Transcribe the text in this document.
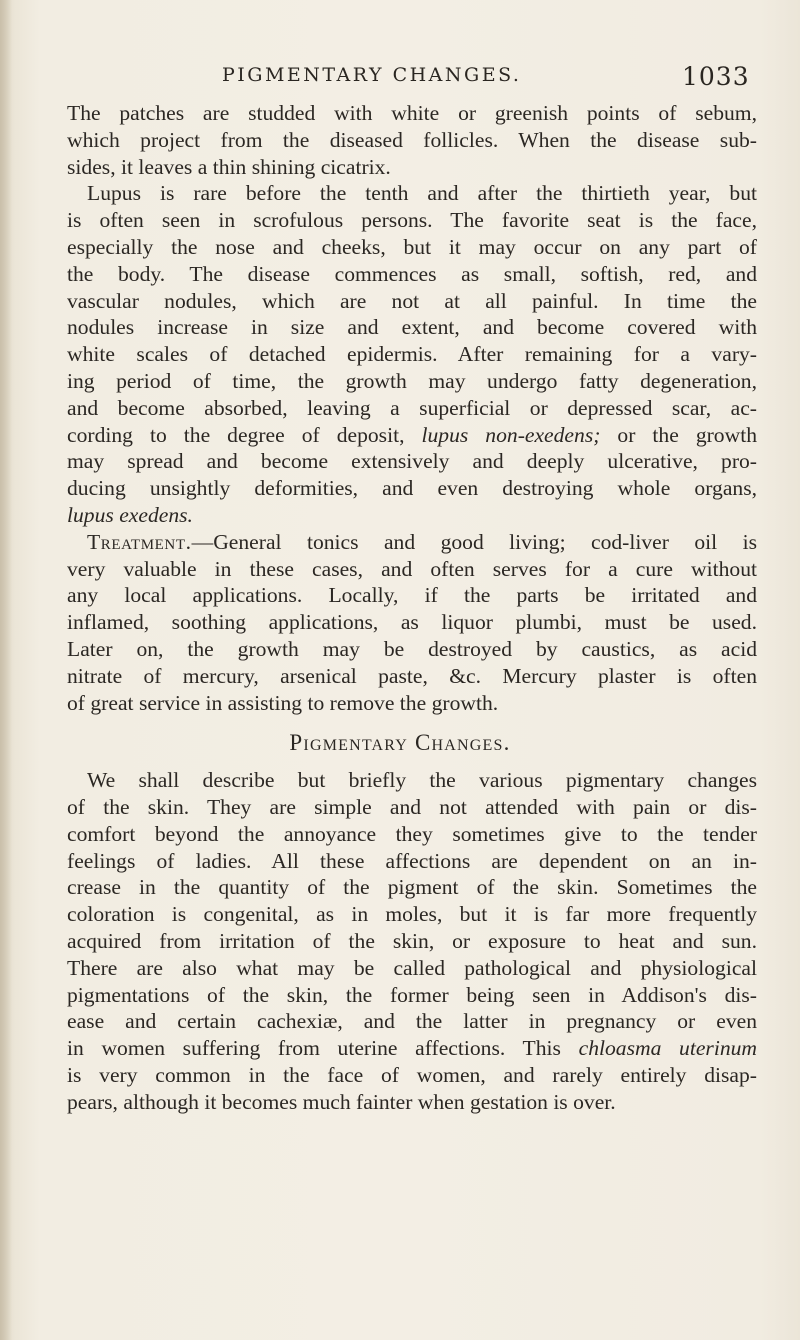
PIGMENTARY CHANGES.	1033
The patches are studded with white or greenish points of sebum,
which project from the diseased follicles. When the disease sub-
sides, it leaves a thin shining cicatrix.
Lupus is rare before the tenth and after the thirtieth year, but
is often seen in scrofulous persons. The favorite seat is the face,
especially the nose and cheeks, but it may occur on any part of
the body. The disease commences as small, softish, red, and
vascular nodules, which are not at all painful. In time the
nodules increase in size and extent, and become covered with
white scales of detached epidermis. After remaining for a vary-
ing period of time, the growth may undergo fatty degeneration,
and become absorbed, leaving a superficial or depressed scar, ac-
cording to the degree of deposit, lupus non-exedens; or the growth
may spread and become extensively and deeply ulcerative, pro-
ducing unsightly deformities, and even destroying whole organs,
lupus exedens.
Treatment.—General tonics and good living; cod-liver oil is
very valuable in these cases, and often serves for a cure without
any local applications. Locally, if the parts be irritated and
inflamed, soothing applications, as liquor plumbi, must be used.
Later on, the growth may be destroyed by caustics, as acid
nitrate of mercury, arsenical paste, &c. Mercury plaster is often
of great service in assisting to remove the growth.
Pigmentary Changes.
We shall describe but briefly the various pigmentary changes
of the skin. They are simple and not attended with pain or dis-
comfort beyond the annoyance they sometimes give to the tender
feelings of ladies. All these affections are dependent on an in-
crease in the quantity of the pigment of the skin. Sometimes the
coloration is congenital, as in moles, but it is far more frequently
acquired from irritation of the skin, or exposure to heat and sun.
There are also what may be called pathological and physiological
pigmentations of the skin, the former being seen in Addison's dis-
ease and certain cachexiæ, and the latter in pregnancy or even
in women suffering from uterine affections. This chloasma uterinum
is very common in the face of women, and rarely entirely disap-
pears, although it becomes much fainter when gestation is over.
